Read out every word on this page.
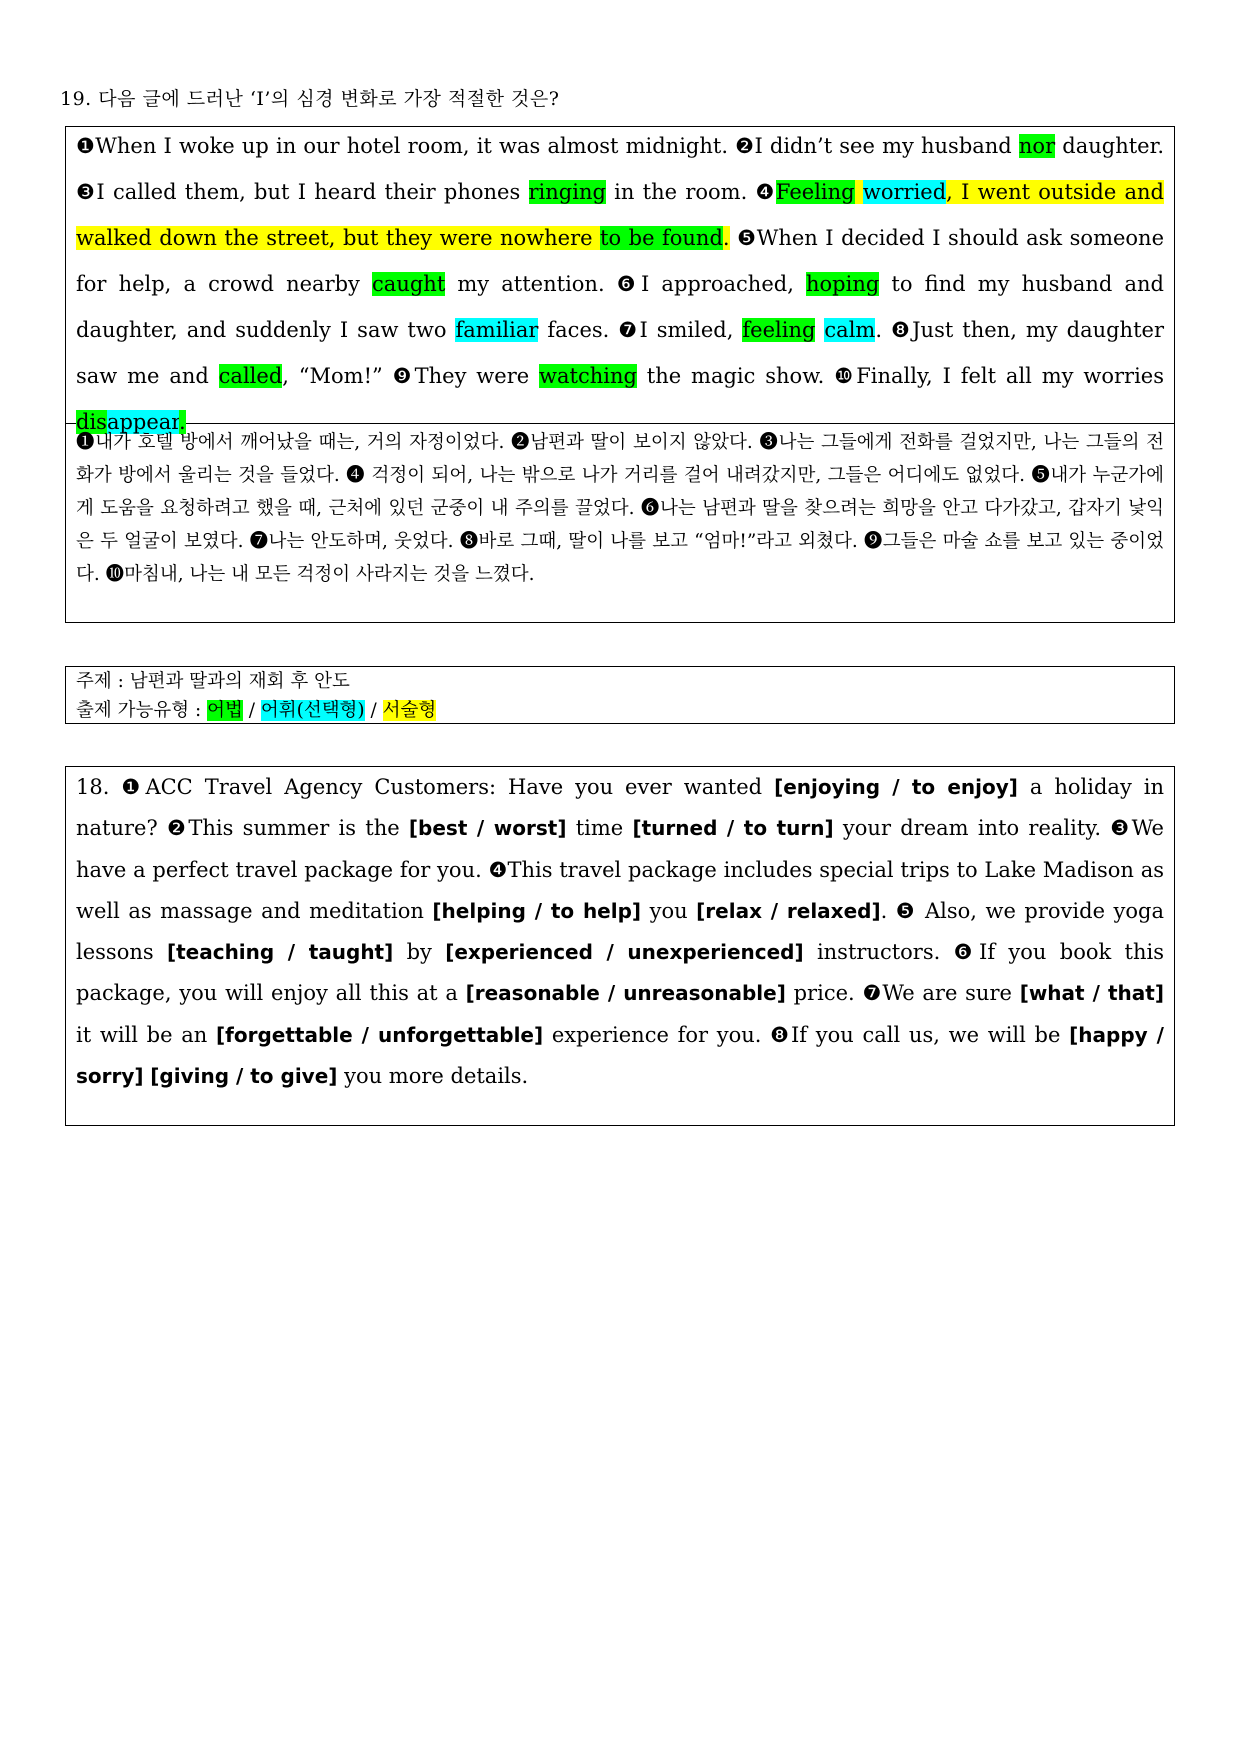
19. 다음 글에 드러난 ‘I’의 심경 변화로 가장 적절한 것은?
❶When I woke up in our hotel room, it was almost midnight. ❷I didn’t see my husband nor daughter. ❸I called them, but I heard their phones ringing in the room. ❹Feeling worried, I went outside and walked down the street, but they were nowhere to be found. ❺When I decided I should ask someone for help, a crowd nearby caught my attention. ❻I approached, hoping to find my husband and daughter, and suddenly I saw two familiar faces. ❼I smiled, feeling calm. ❽Just then, my daughter saw me and called, “Mom!” ❾They were watching the magic show. ❿Finally, I felt all my worries disappear.
❶내가 호텔 방에서 깨어났을 때는, 거의 자정이었다. ❷남편과 딸이 보이지 않았다. ❸나는 그들에게 전화를 걸었지만, 나는 그들의 전화가 방에서 울리는 것을 들었다. ❹ 걱정이 되어, 나는 밖으로 나가 거리를 걸어 내려갔지만, 그들은 어디에도 없었다. ❺내가 누군가에게 도움을 요청하려고 했을 때, 근처에 있던 군중이 내 주의를 끌었다. ❻나는 남편과 딸을 찾으려는 희망을 안고 다가갔고, 갑자기 낯익은 두 얼굴이 보였다. ❼나는 안도하며, 웃었다. ❽바로 그때, 딸이 나를 보고 “엄마!”라고 외쳤다. ❾그들은 마술 쇼를 보고 있는 중이었다. ❿마침내, 나는 내 모든 걱정이 사라지는 것을 느꼈다.
주제 : 남편과 딸과의 재회 후 안도
출제 가능유형 : 어법 / 어휘(선택형) / 서술형
18. ❶ACC Travel Agency Customers: Have you ever wanted [enjoying / to enjoy] a holiday in nature? ❷This summer is the [best / worst] time [turned / to turn] your dream into reality. ❸We have a perfect travel package for you. ❹This travel package includes special trips to Lake Madison as well as massage and meditation [helping / to help] you [relax / relaxed]. ❺ Also, we provide yoga lessons [teaching / taught] by [experienced / unexperienced] instructors. ❻If you book this package, you will enjoy all this at a [reasonable / unreasonable] price. ❼We are sure [what / that] it will be an [forgettable / unforgettable] experience for you. ❽If you call us, we will be [happy / sorry] [giving / to give] you more details.
